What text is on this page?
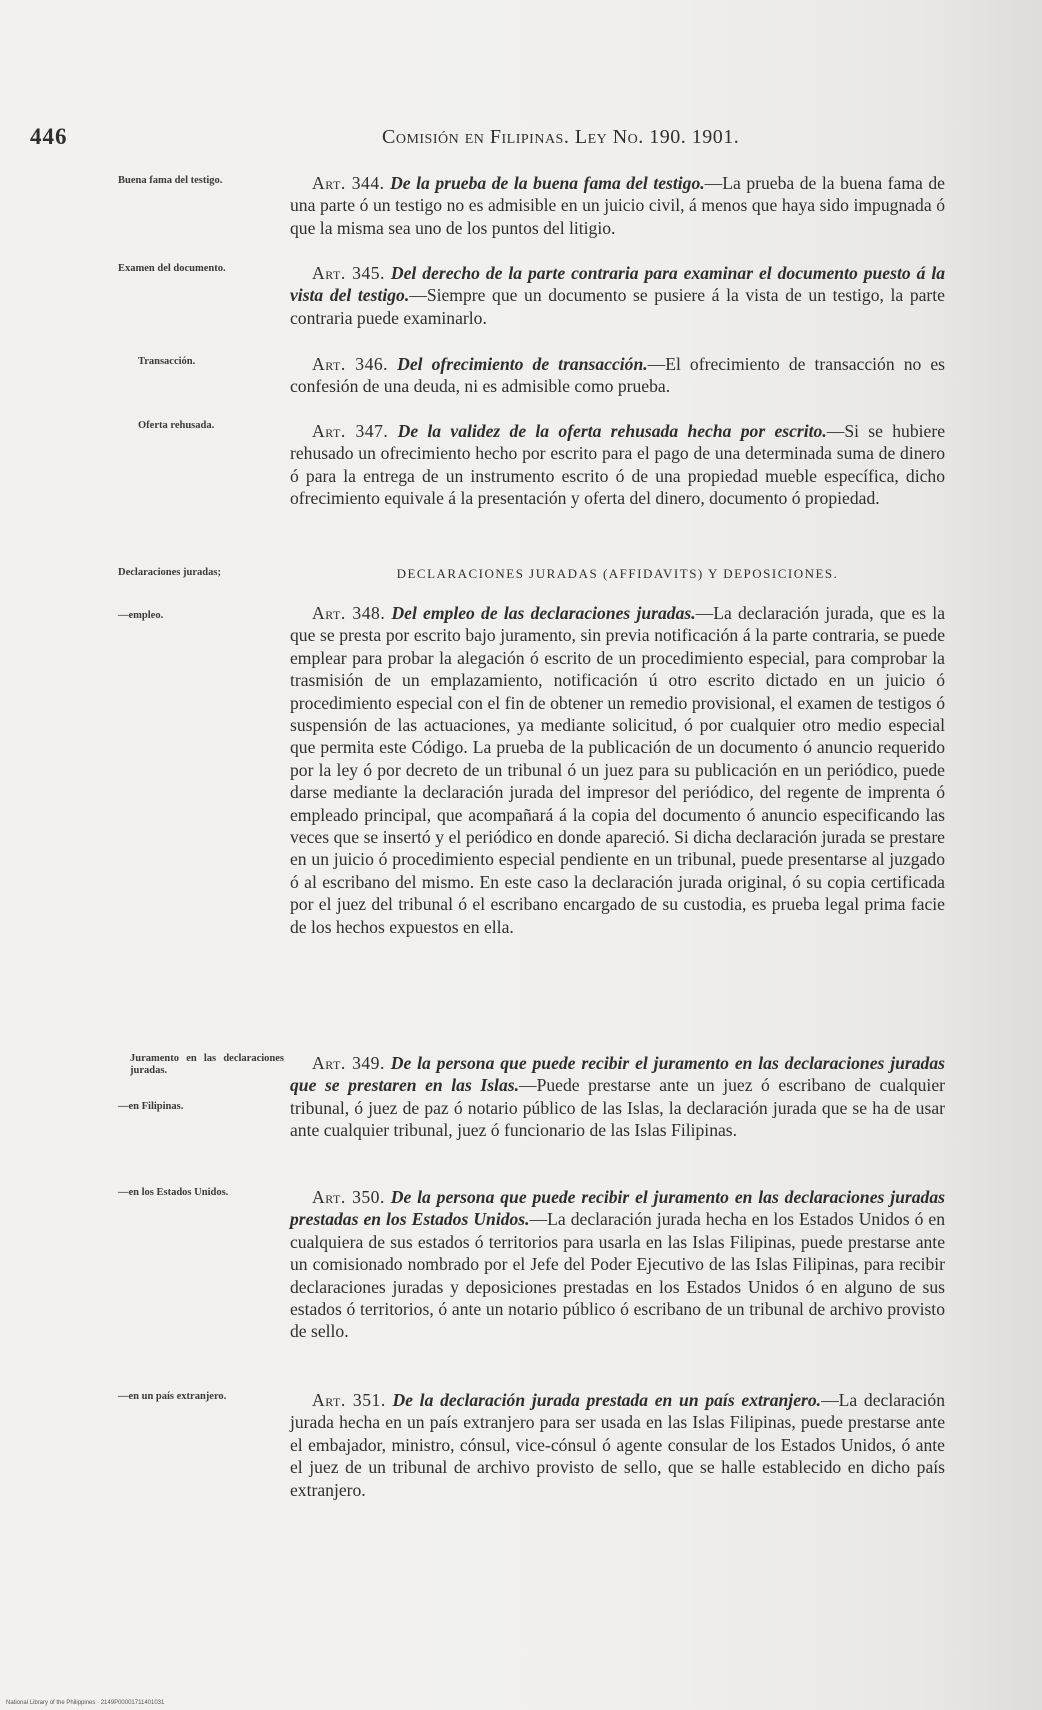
446	Comisión en Filipinas. Ley No. 190. 1901.
Buena fama del testigo.
Examen del documento.
Transacción.
Oferta rehusada.
Declaraciones juradas;
—empleo.
Juramento en las declaraciones juradas.
—en Filipinas.
—en los Estados Unidos.
—en un país extranjero.
Art. 344. De la prueba de la buena fama del testigo.—La prueba de la buena fama de una parte ó un testigo no es admisible en un juicio civil, á menos que haya sido impugnada ó que la misma sea uno de los puntos del litigio.
Art. 345. Del derecho de la parte contraria para examinar el documento puesto á la vista del testigo.—Siempre que un documento se pusiere á la vista de un testigo, la parte contraria puede examinarlo.
Art. 346. Del ofrecimiento de transacción.—El ofrecimiento de transacción no es confesión de una deuda, ni es admisible como prueba.
Art. 347. De la validez de la oferta rehusada hecha por escrito.—Si se hubiere rehusado un ofrecimiento hecho por escrito para el pago de una determinada suma de dinero ó para la entrega de un instrumento escrito ó de una propiedad mueble específica, dicho ofrecimiento equivale á la presentación y oferta del dinero, documento ó propiedad.
DECLARACIONES JURADAS (AFFIDAVITS) Y DEPOSICIONES.
Art. 348. Del empleo de las declaraciones juradas.—La declaración jurada, que es la que se presta por escrito bajo juramento, sin previa notificación á la parte contraria, se puede emplear para probar la alegación ó escrito de un procedimiento especial, para comprobar la trasmisión de un emplazamiento, notificación ú otro escrito dictado en un juicio ó procedimiento especial con el fin de obtener un remedio provisional, el examen de testigos ó suspensión de las actuaciones, ya mediante solicitud, ó por cualquier otro medio especial que permita este Código. La prueba de la publicación de un documento ó anuncio requerido por la ley ó por decreto de un tribunal ó un juez para su publicación en un periódico, puede darse mediante la declaración jurada del impresor del periódico, del regente de imprenta ó empleado principal, que acompañará á la copia del documento ó anuncio especificando las veces que se insertó y el periódico en donde apareció. Si dicha declaración jurada se prestare en un juicio ó procedimiento especial pendiente en un tribunal, puede presentarse al juzgado ó al escribano del mismo. En este caso la declaración jurada original, ó su copia certificada por el juez del tribunal ó el escribano encargado de su custodia, es prueba legal prima facie de los hechos expuestos en ella.
Art. 349. De la persona que puede recibir el juramento en las declaraciones juradas que se prestaren en las Islas.—Puede prestarse ante un juez ó escribano de cualquier tribunal, ó juez de paz ó notario público de las Islas, la declaración jurada que se ha de usar ante cualquier tribunal, juez ó funcionario de las Islas Filipinas.
Art. 350. De la persona que puede recibir el juramento en las declaraciones juradas prestadas en los Estados Unidos.—La declaración jurada hecha en los Estados Unidos ó en cualquiera de sus estados ó territorios para usarla en las Islas Filipinas, puede prestarse ante un comisionado nombrado por el Jefe del Poder Ejecutivo de las Islas Filipinas, para recibir declaraciones juradas y deposiciones prestadas en los Estados Unidos ó en alguno de sus estados ó territorios, ó ante un notario público ó escribano de un tribunal de archivo provisto de sello.
Art. 351. De la declaración jurada prestada en un país extranjero.—La declaración jurada hecha en un país extranjero para ser usada en las Islas Filipinas, puede prestarse ante el embajador, ministro, cónsul, vice-cónsul ó agente consular de los Estados Unidos, ó ante el juez de un tribunal de archivo provisto de sello, que se halle establecido en dicho país extranjero.
National Library of the Philippines · 2149P00001711401031
